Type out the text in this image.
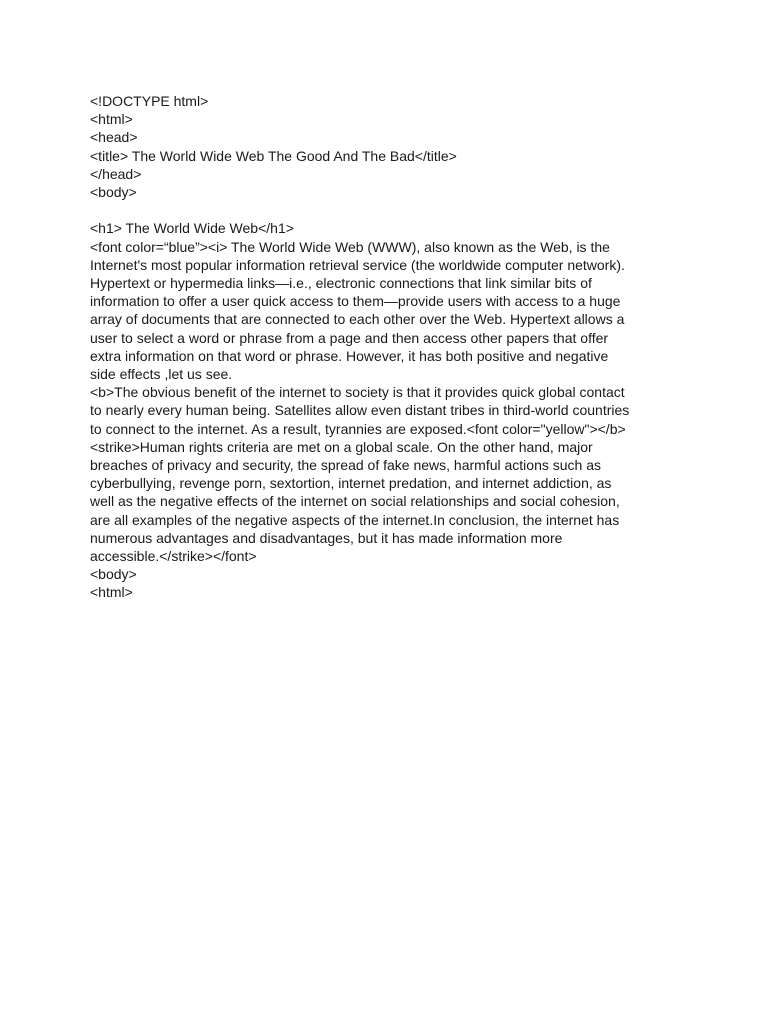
<!DOCTYPE html>

<html>

<head>

<title> The World Wide Web The Good And The Bad</title>

</head>

<body>

<h1> The World Wide Web</h1>

<font color=“blue”><i> The World Wide Web (WWW), also known as the Web, is the

Internet's most popular information retrieval service (the worldwide computer network).

Hypertext or hypermedia links—i.e., electronic connections that link similar bits of

information to offer a user quick access to them—provide users with access to a huge

array of documents that are connected to each other over the Web. Hypertext allows a

user to select a word or phrase from a page and then access other papers that offer

extra information on that word or phrase. However, it has both positive and negative

side effects ,let us see.

<b>The obvious benefit of the internet to society is that it provides quick global contact

to nearly every human being. Satellites allow even distant tribes in third-world countries

to connect to the internet. As a result, tyrannies are exposed.<font color="yellow"></b>

<strike>Human rights criteria are met on a global scale. On the other hand, major

breaches of privacy and security, the spread of fake news, harmful actions such as

cyberbullying, revenge porn, sextortion, internet predation, and internet addiction, as

well as the negative effects of the internet on social relationships and social cohesion,

are all examples of the negative aspects of the internet.In conclusion, the internet has

numerous advantages and disadvantages, but it has made information more

accessible.</strike></font>

<body>

<html>
